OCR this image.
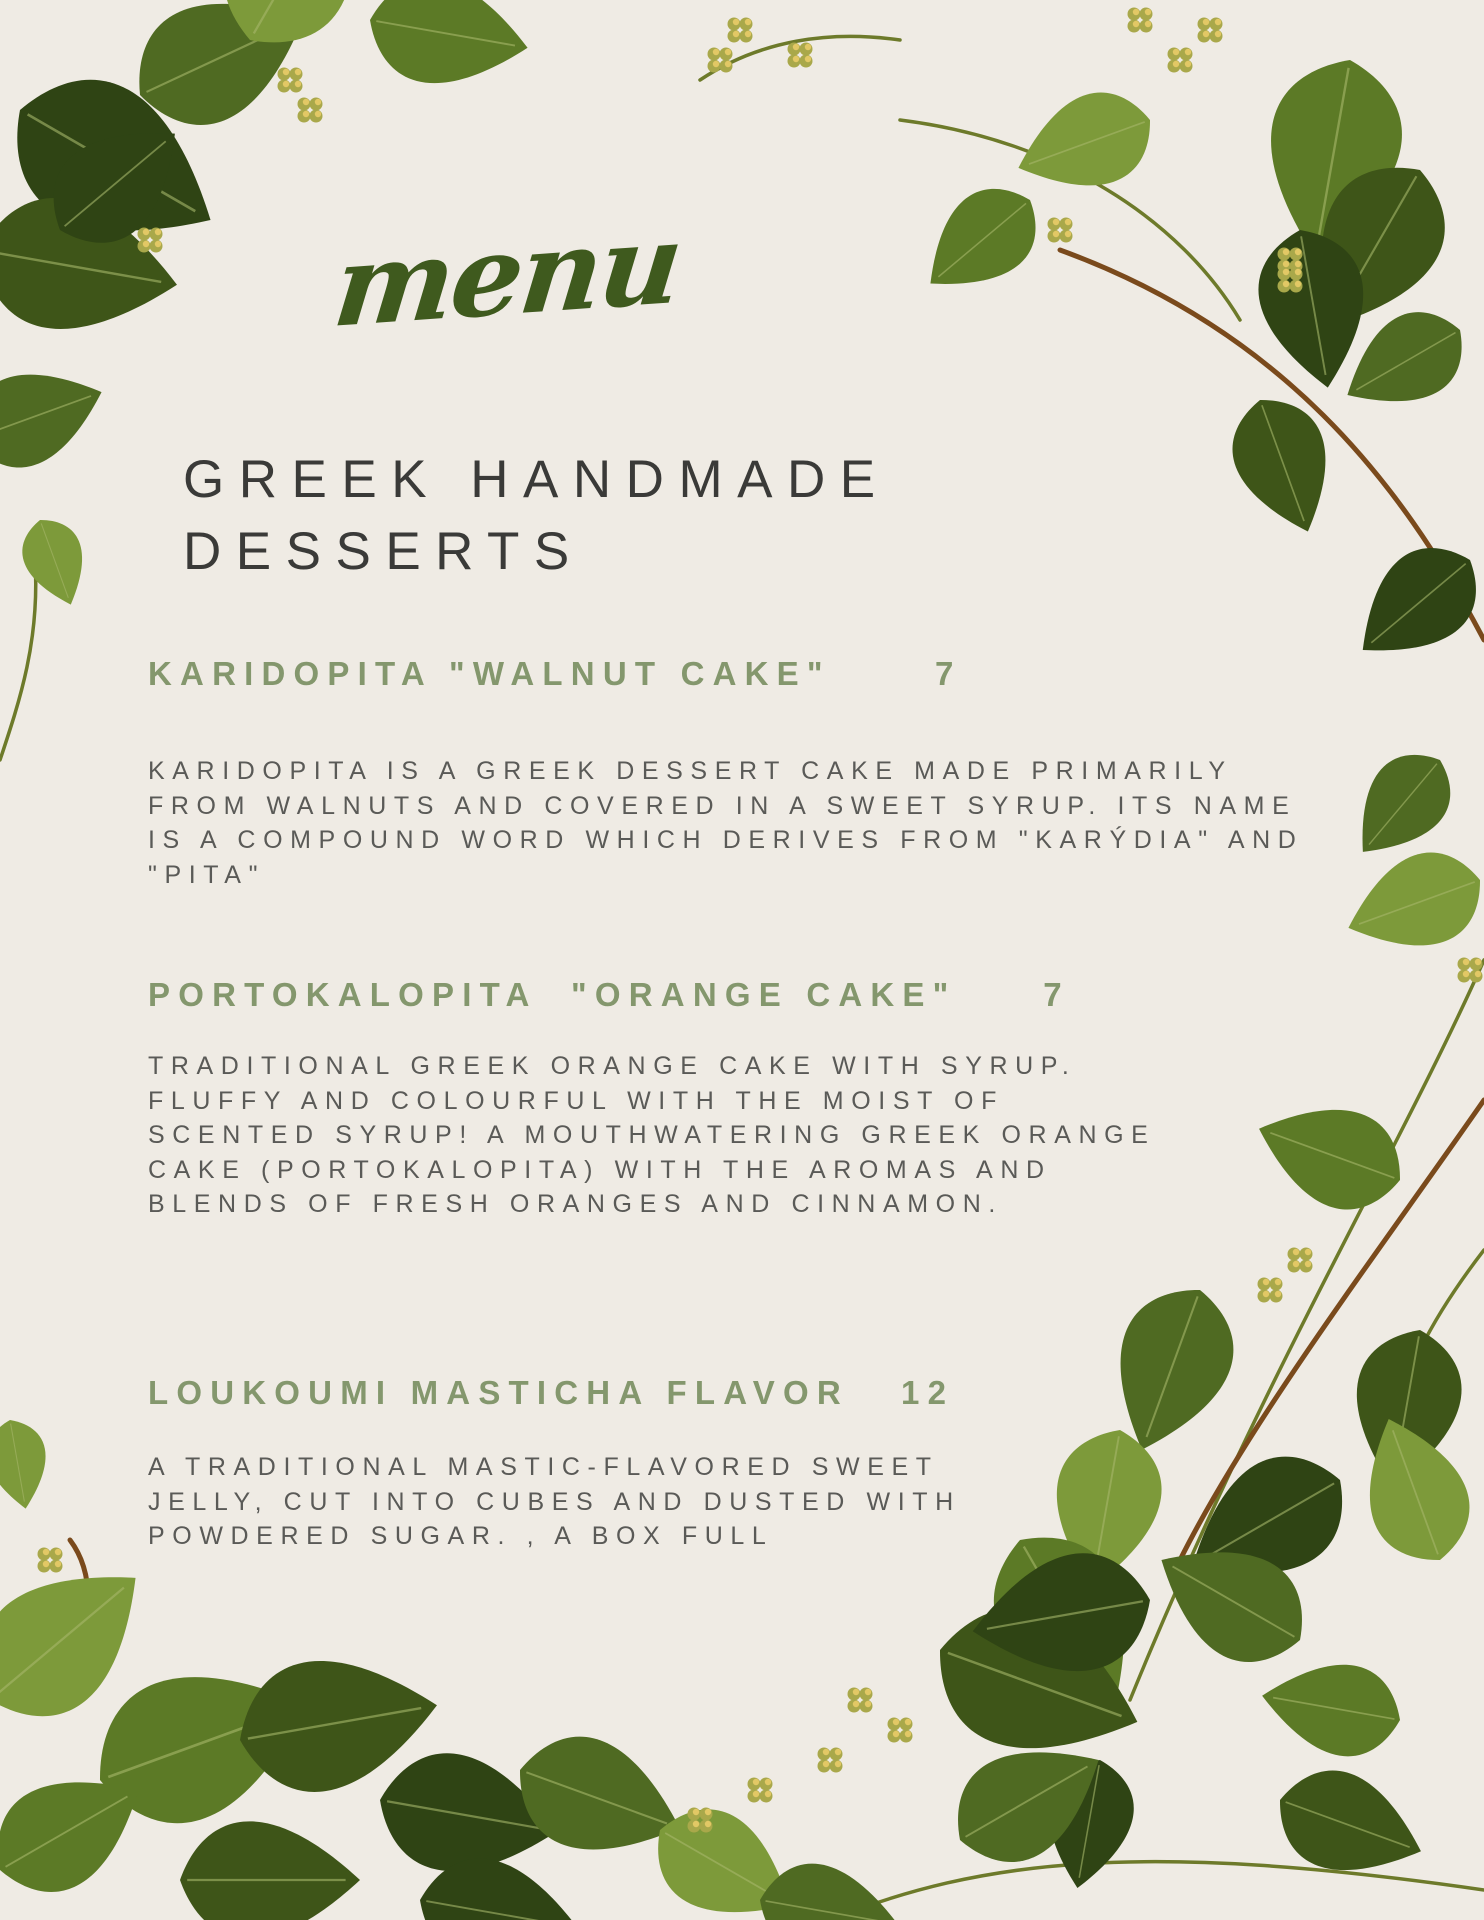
menu
GREEK HANDMADE
DESSERTS
KARIDOPITA "WALNUT CAKE"      7

KARIDOPITA IS A GREEK DESSERT CAKE MADE PRIMARILY FROM WALNUTS AND COVERED IN A SWEET SYRUP. ITS NAME IS A COMPOUND WORD WHICH DERIVES FROM "KARÝDIA" AND "PITA"

PORTOKALOPITA  "ORANGE CAKE"     7

TRADITIONAL GREEK ORANGE CAKE WITH SYRUP. FLUFFY AND COLOURFUL WITH THE MOIST OF SCENTED SYRUP! A MOUTHWATERING GREEK ORANGE CAKE (PORTOKALOPITA) WITH THE AROMAS AND BLENDS OF FRESH ORANGES AND CINNAMON.

LOUKOUMI MASTICHA FLAVOR   12

A TRADITIONAL MASTIC-FLAVORED SWEET JELLY, CUT INTO CUBES AND DUSTED WITH POWDERED SUGAR. , A BOX FULL
